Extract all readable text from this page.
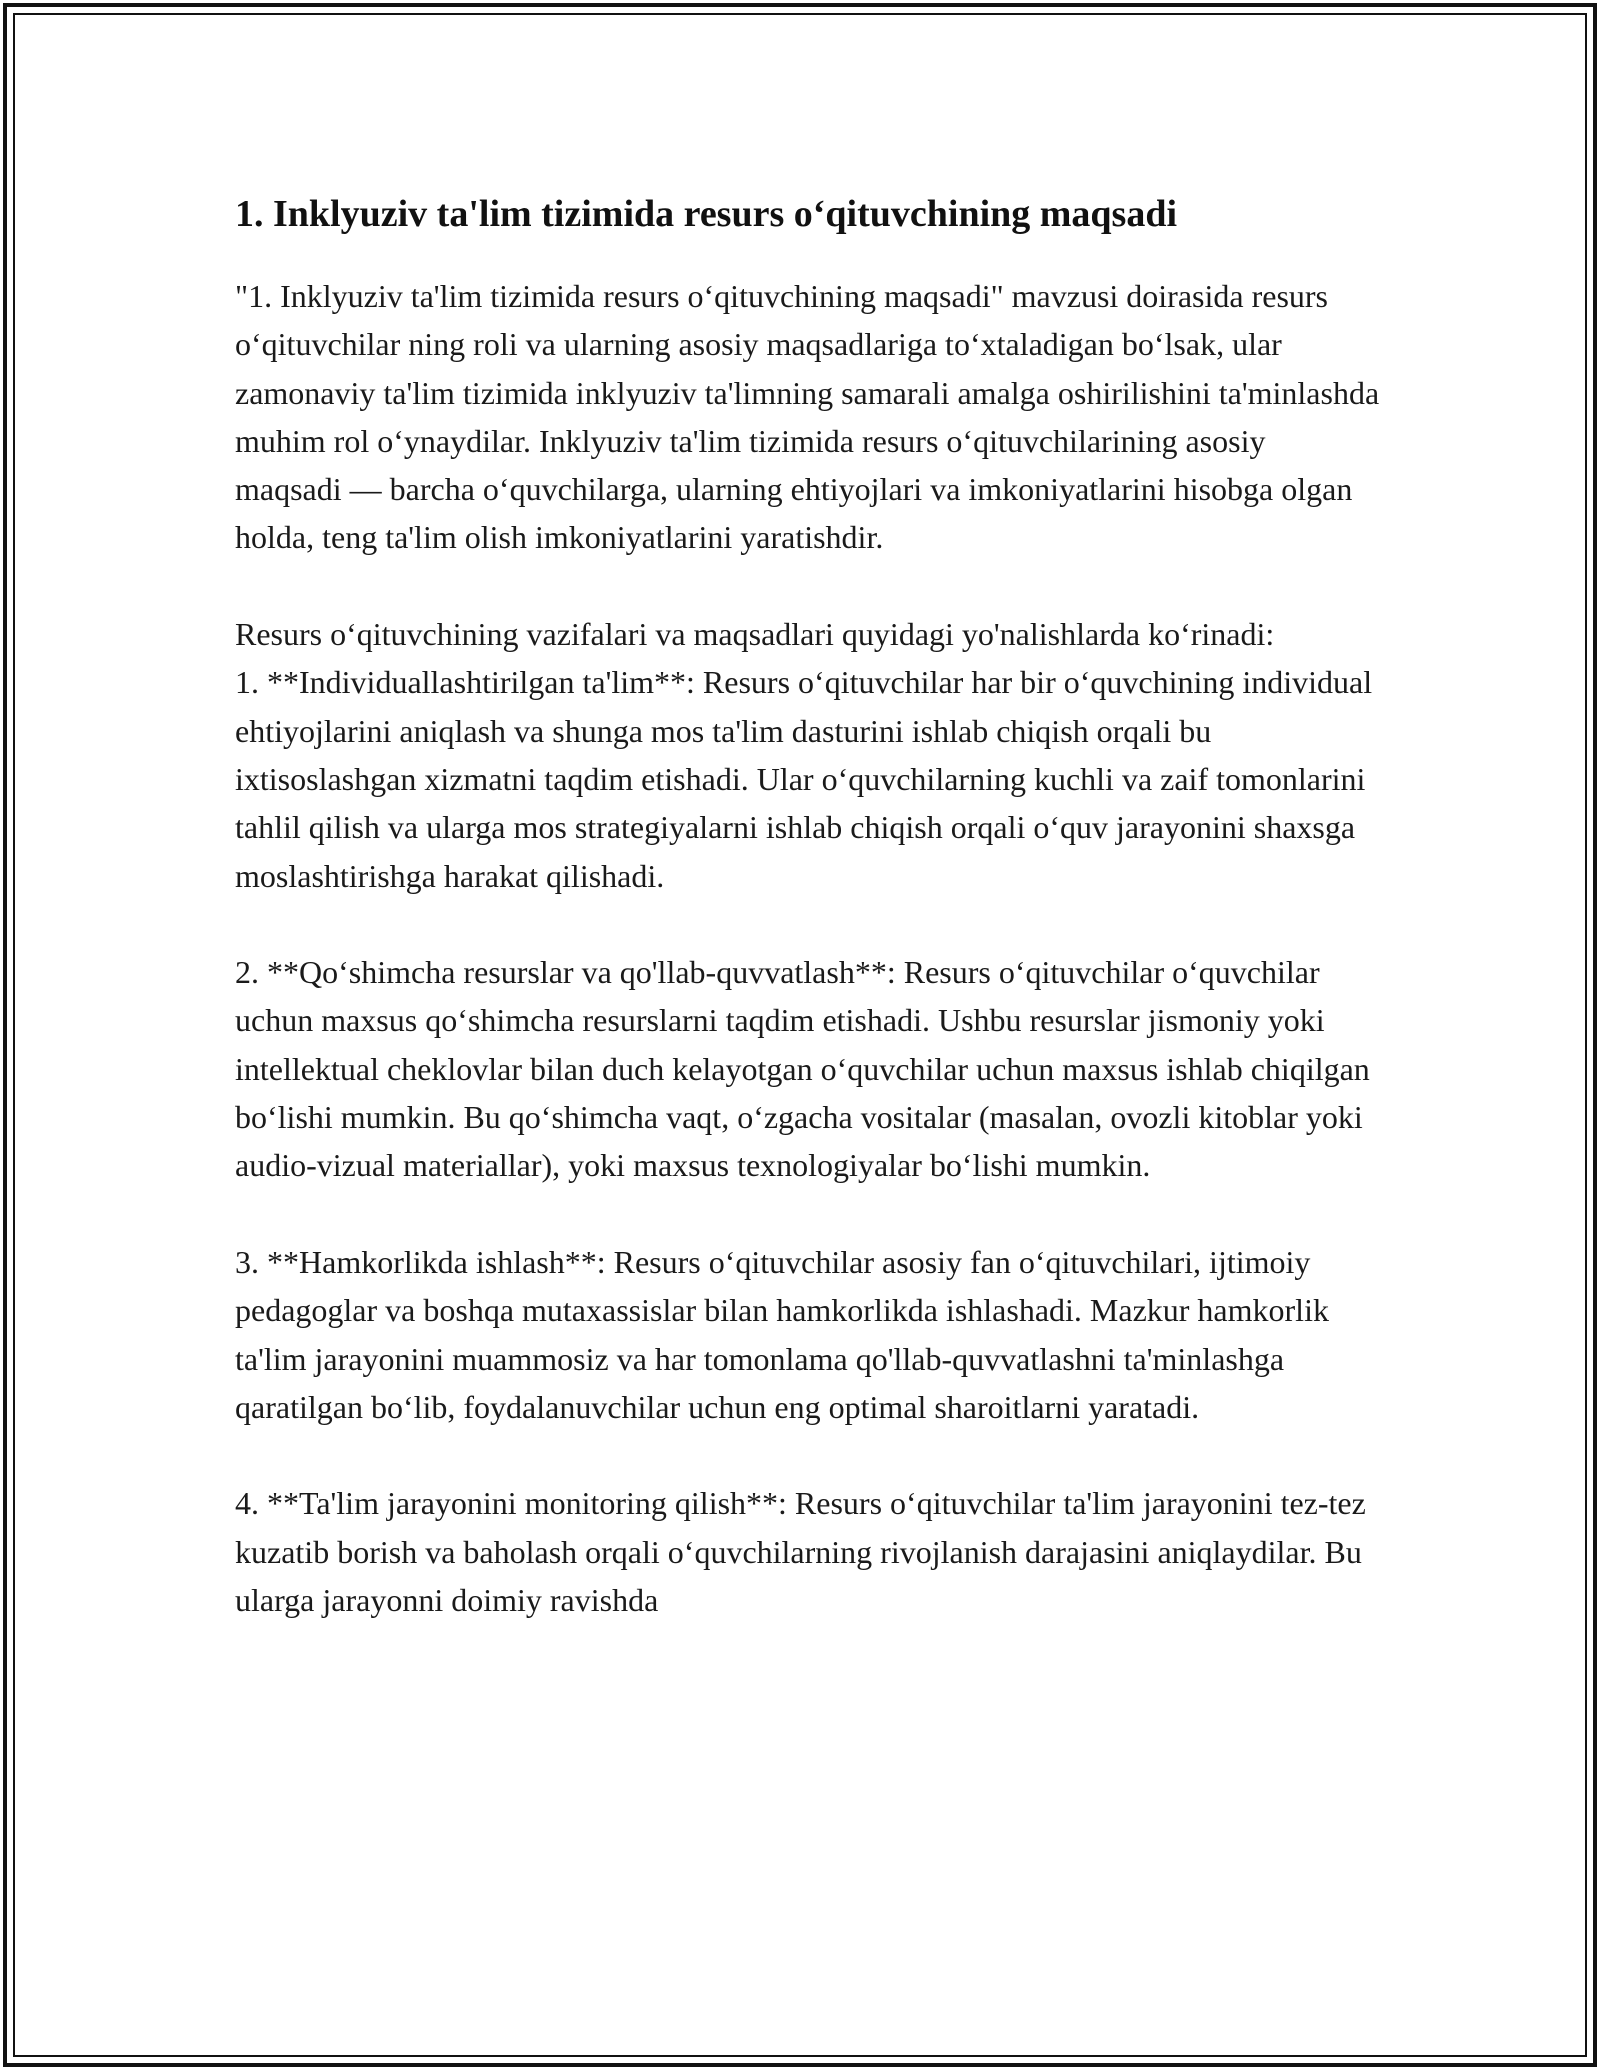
1. Inklyuziv ta'lim tizimida resurs o‘qituvchining maqsadi

"1. Inklyuziv ta'lim tizimida resurs o‘qituvchining maqsadi" mavzusi doirasida resurs o‘qituvchilar ning roli va ularning asosiy maqsadlariga to‘xtaladigan bo‘lsak, ular zamonaviy ta'lim tizimida inklyuziv ta'limning samarali amalga oshirilishini ta'minlashda muhim rol o‘ynaydilar. Inklyuziv ta'lim tizimida resurs o‘qituvchilarining asosiy maqsadi — barcha o‘quvchilarga, ularning ehtiyojlari va imkoniyatlarini hisobga olgan holda, teng ta'lim olish imkoniyatlarini yaratishdir.

Resurs o‘qituvchining vazifalari va maqsadlari quyidagi yo'nalishlarda ko‘rinadi:
1. **Individuallashtirilgan ta'lim**: Resurs o‘qituvchilar har bir o‘quvchining individual ehtiyojlarini aniqlash va shunga mos ta'lim dasturini ishlab chiqish orqali bu ixtisoslashgan xizmatni taqdim etishadi. Ular o‘quvchilarning kuchli va zaif tomonlarini tahlil qilish va ularga mos strategiyalarni ishlab chiqish orqali o‘quv jarayonini shaxsga moslashtirishga harakat qilishadi.

2. **Qo‘shimcha resurslar va qo'llab-quvvatlash**: Resurs o‘qituvchilar o‘quvchilar uchun maxsus qo‘shimcha resurslarni taqdim etishadi. Ushbu resurslar jismoniy yoki intellektual cheklovlar bilan duch kelayotgan o‘quvchilar uchun maxsus ishlab chiqilgan bo‘lishi mumkin. Bu qo‘shimcha vaqt, o‘zgacha vositalar (masalan, ovozli kitoblar yoki audio-vizual materiallar), yoki maxsus texnologiyalar bo‘lishi mumkin.

3. **Hamkorlikda ishlash**: Resurs o‘qituvchilar asosiy fan o‘qituvchilari, ijtimoiy pedagoglar va boshqa mutaxassislar bilan hamkorlikda ishlashadi. Mazkur hamkorlik ta'lim jarayonini muammosiz va har tomonlama qo'llab-quvvatlashni ta'minlashga qaratilgan bo‘lib, foydalanuvchilar uchun eng optimal sharoitlarni yaratadi.

4. **Ta'lim jarayonini monitoring qilish**: Resurs o‘qituvchilar ta'lim jarayonini tez-tez kuzatib borish va baholash orqali o‘quvchilarning rivojlanish darajasini aniqlaydilar. Bu ularga jarayonni doimiy ravishda
